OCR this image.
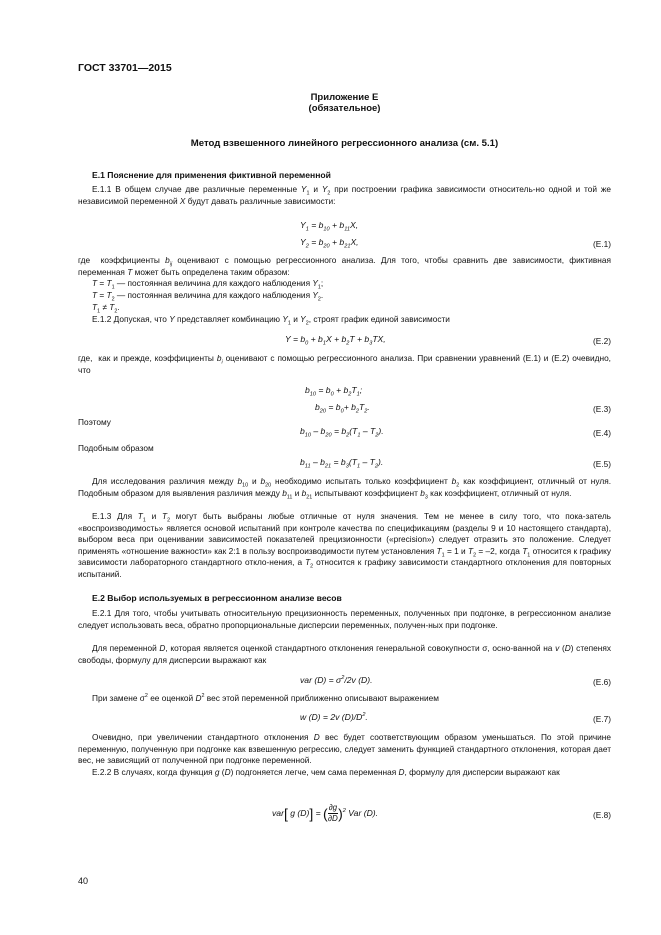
ГОСТ 33701—2015
Приложение Е
(обязательное)
Метод взвешенного линейного регрессионного анализа (см. 5.1)
Е.1 Пояснение для применения фиктивной переменной
Е.1.1 В общем случае две различные переменные $Y_1$ и $Y_2$ при построении графика зависимости относитель-но одной и той же независимой переменной Х будут давать различные зависимости:
$Y_1 = b_{10} + b_{11}X$,
$Y_2 = b_{20} + b_{21}X$,	(Е.1)
где  коэффициенты $b_{ij}$ оценивают с помощью регрессионного анализа. Для того, чтобы сравнить две зависимости, фиктивная переменная Т может быть определена таким образом:
$Т = Т_1$ — постоянная величина для каждого наблюдения $Y_1$;
$Т = Т_2$ — постоянная величина для каждого наблюдения $Y_2$.
$Т_1 \ne Т_2$.
Е.1.2 Допуская, что Y представляет комбинацию $Y_1$ и $Y_2$, строят график единой зависимости
$Y = b_0 + b_1X + b_2T + b_3TX$,	(Е.2)
где,  как и прежде, коэффициенты $b_i$ оценивают с помощью регрессионного анализа. При сравнении уравнений (Е.1) и (Е.2) очевидно, что
$b_{10} = b_0 + b_2T_1$;
$b_{20} = b_0+ b_2T_2$.	(Е.3)
Поэтому
$b_{10} - b_{20} = b_2(T_1 - T_2)$.	(Е.4)
Подобным образом
$b_{11} - b_{21} = b_3(T_1 - T_2)$.	(Е.5)
Для исследования различия между $b_{10}$ и $b_{20}$ необходимо испытать только коэффициент $b_2$ как коэффициент, отличный от нуля. Подобным образом для выявления различия между $b_{11}$ и $b_{21}$ испытывают коэффициент $b_3$ как коэффициент, отличный от нуля.
Е.1.3 Для $Т_1$ и $Т_2$ могут быть выбраны любые отличные от нуля значения. Тем не менее в силу того, что пока-затель «воспроизводимость» является основой испытаний при контроле качества по спецификациям (разделы 9 и 10 настоящего стандарта), выбором веса при оценивании зависимостей показателей прецизионности («precision») следует отразить это положение. Следует применять «отношение важности» как 2:1 в пользу воспроизводимости путем установления $Т_1 = 1$ и $Т_2 = -2$, когда $Т_1$ относится к графику зависимости лабораторного стандартного откло-нения, а $Т_2$ относится к графику зависимости стандартного отклонения для повторных испытаний.
Е.2 Выбор используемых в регрессионном анализе весов
Е.2.1 Для того, чтобы учитывать относительную прецизионность переменных, полученных при подгонке, в регрессионном анализе следует использовать веса, обратно пропорциональные дисперсии переменных, получен-ных при подгонке.
Для переменной D, которая является оценкой стандартного отклонения генеральной совокупности σ, осно-ванной на v (D) степенях свободы, формулу для дисперсии выражают как
var $(D) = \sigma^2/2v$ (D).	(Е.6)
При замене $\sigma^2$ ее оценкой $D^2$ вес этой переменной приближенно описывают выражением
w (D) = 2v $(D)/D^2$.	(Е.7)
Очевидно, при увеличении стандартного отклонения D вес будет соответствующим образом уменьшаться. По этой причине переменную, полученную при подгонке как взвешенную регрессию, следует заменить функцией стандартного отклонения, которая дает вес, не зависящий от полученной при подгонке переменной.
Е.2.2 В случаях, когда функция g (D) подгоняется легче, чем сама переменная D, формулу для дисперсии выражают как
var[ g (D)] = ( $\frac{\partial g}{\partial D} )^2$ Var (D).	(Е.8)
40
